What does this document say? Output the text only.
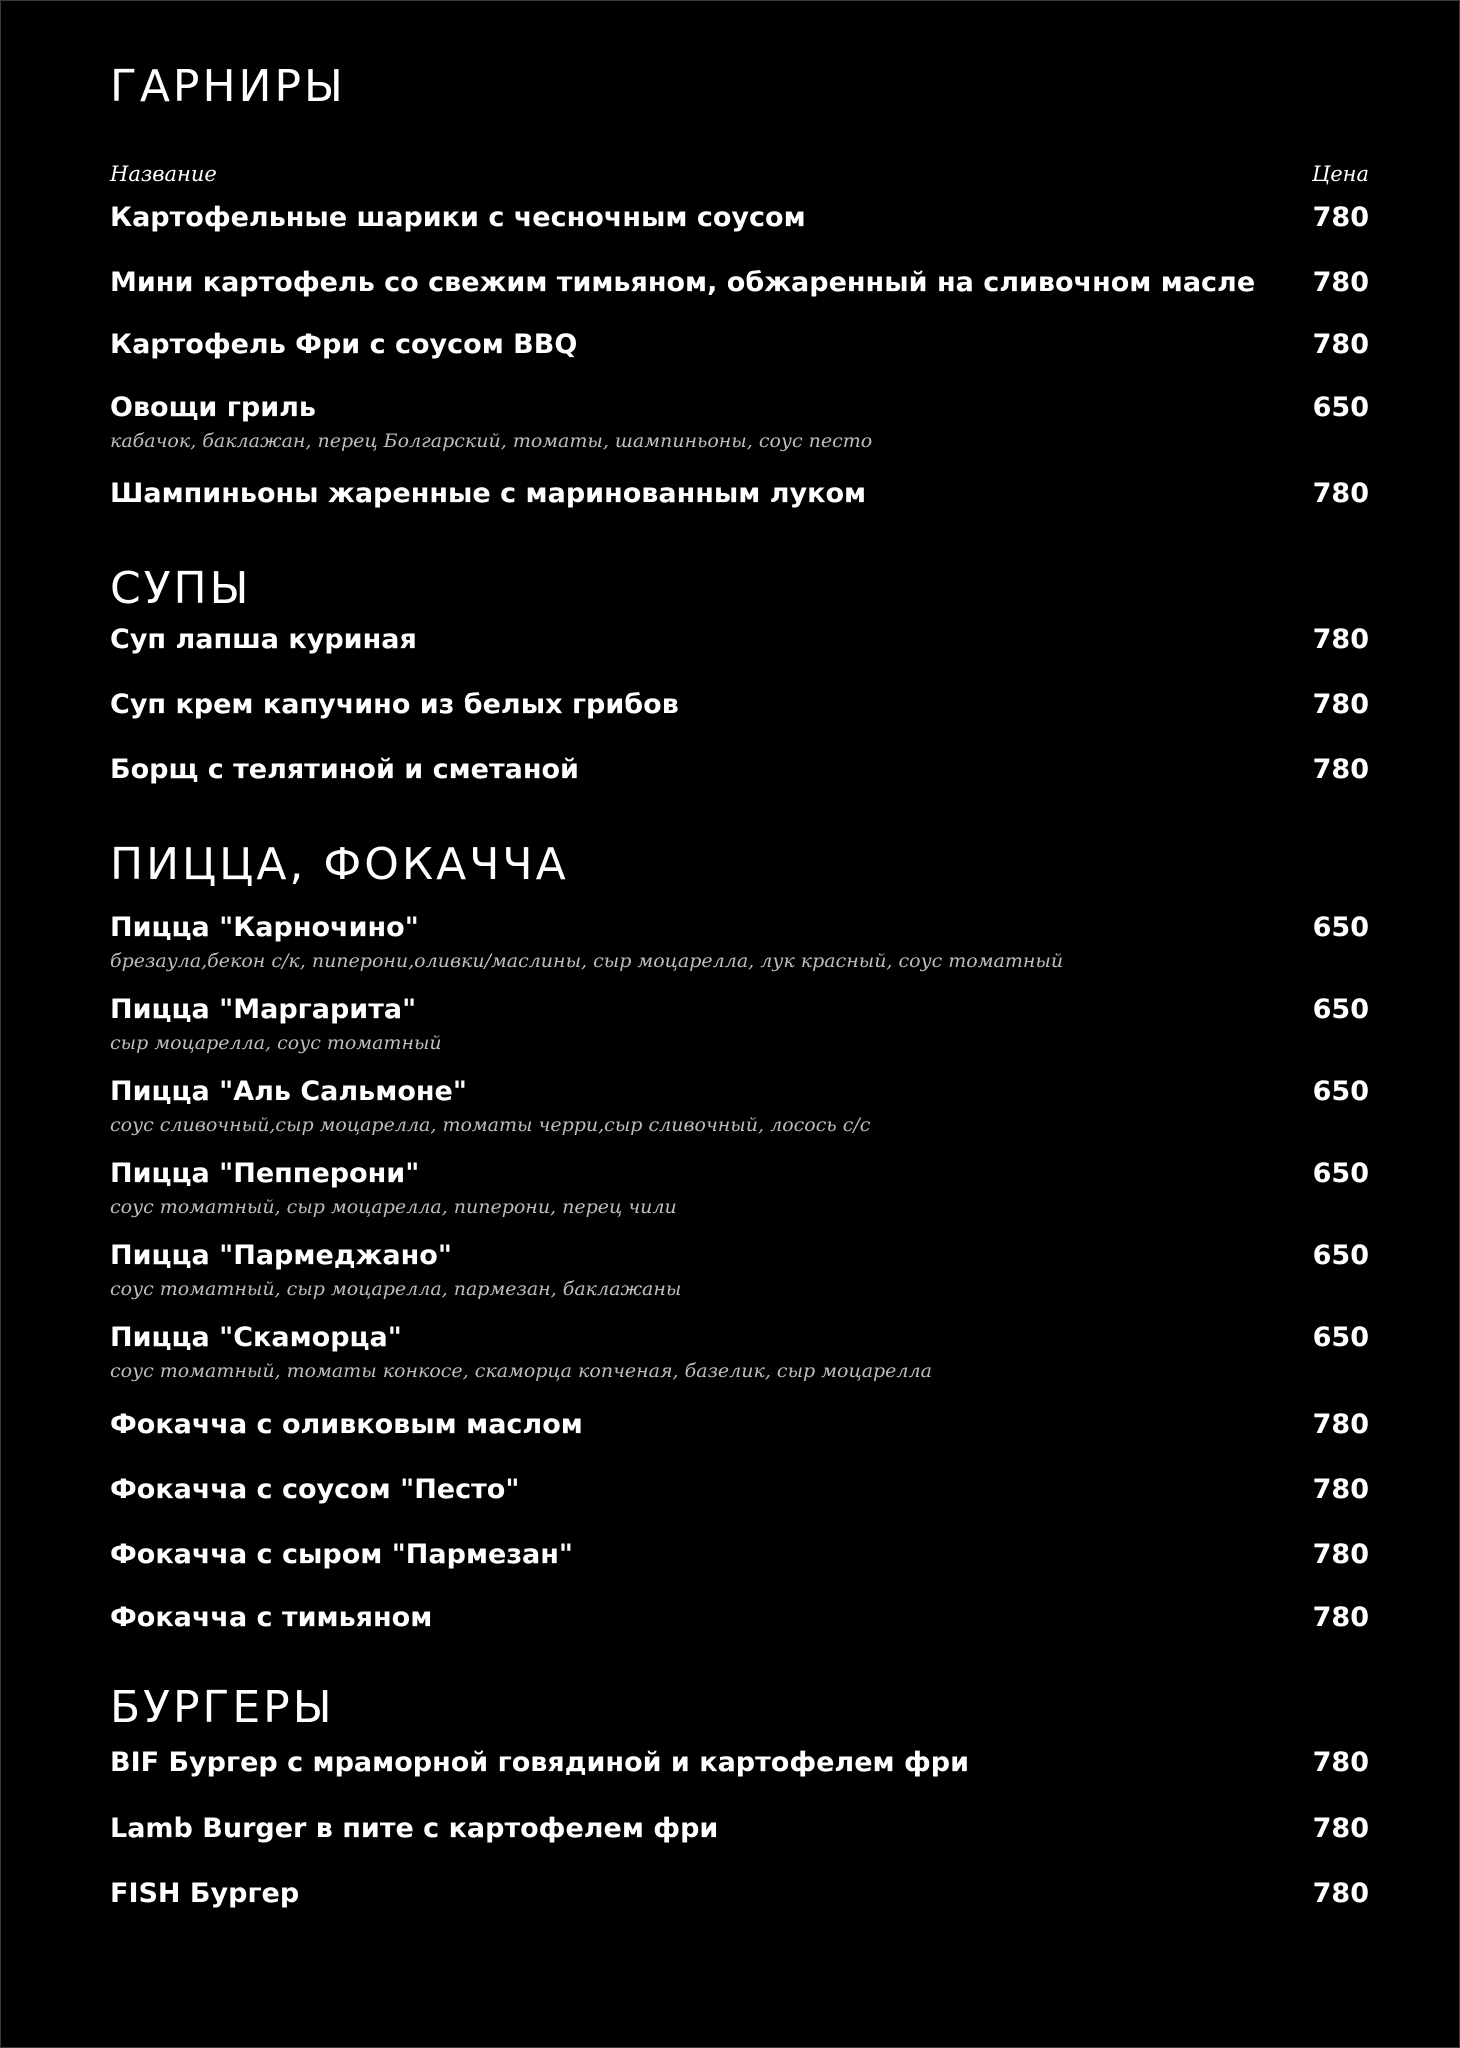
ГАРНИРЫ
Название	Цена
Картофельные шарики с чесночным соусом	780
Мини картофель со свежим тимьяном, обжаренный на сливочном масле 780
Картофель Фри с соусом BBQ	780
Овощи гриль	650
кабачок, баклажан, перец Болгарский, томаты, шампиньоны, соус песто
Шампиньоны жаренные с маринованным луком	780
СУПЫ
Суп лапша куриная	780
Суп крем капучино из белых грибов	780
Борщ с телятиной и сметаной	780
ПИЦЦА, ФОКАЧЧА
Пицца "Карночино"	650
брезаула,бекон с/к, пиперони,оливки/маслины, сыр моцарелла, лук красный, соус томатный
Пицца "Маргарита"	650
сыр моцарелла, соус томатный
Пицца "Аль Сальмоне"	650
соус сливочный,сыр моцарелла, томаты черри,сыр сливочный, лосось с/с
Пицца "Пепперони"	650
соус томатный, сыр моцарелла, пиперони, перец чили
Пицца "Пармеджано"	650
соус томатный, сыр моцарелла, пармезан, баклажаны
Пицца "Скаморца"	650
соус томатный, томаты конкосе, скаморца копченая, базелик, сыр моцарелла
Фокачча с оливковым маслом	780
Фокачча с соусом "Песто"	780
Фокачча с сыром "Пармезан"	780
Фокачча с тимьяном	780
БУРГЕРЫ
BIF Бургер с мраморной говядиной и картофелем фри	780
Lamb Burger в пите с картофелем фри	780
FISH Бургер	780
